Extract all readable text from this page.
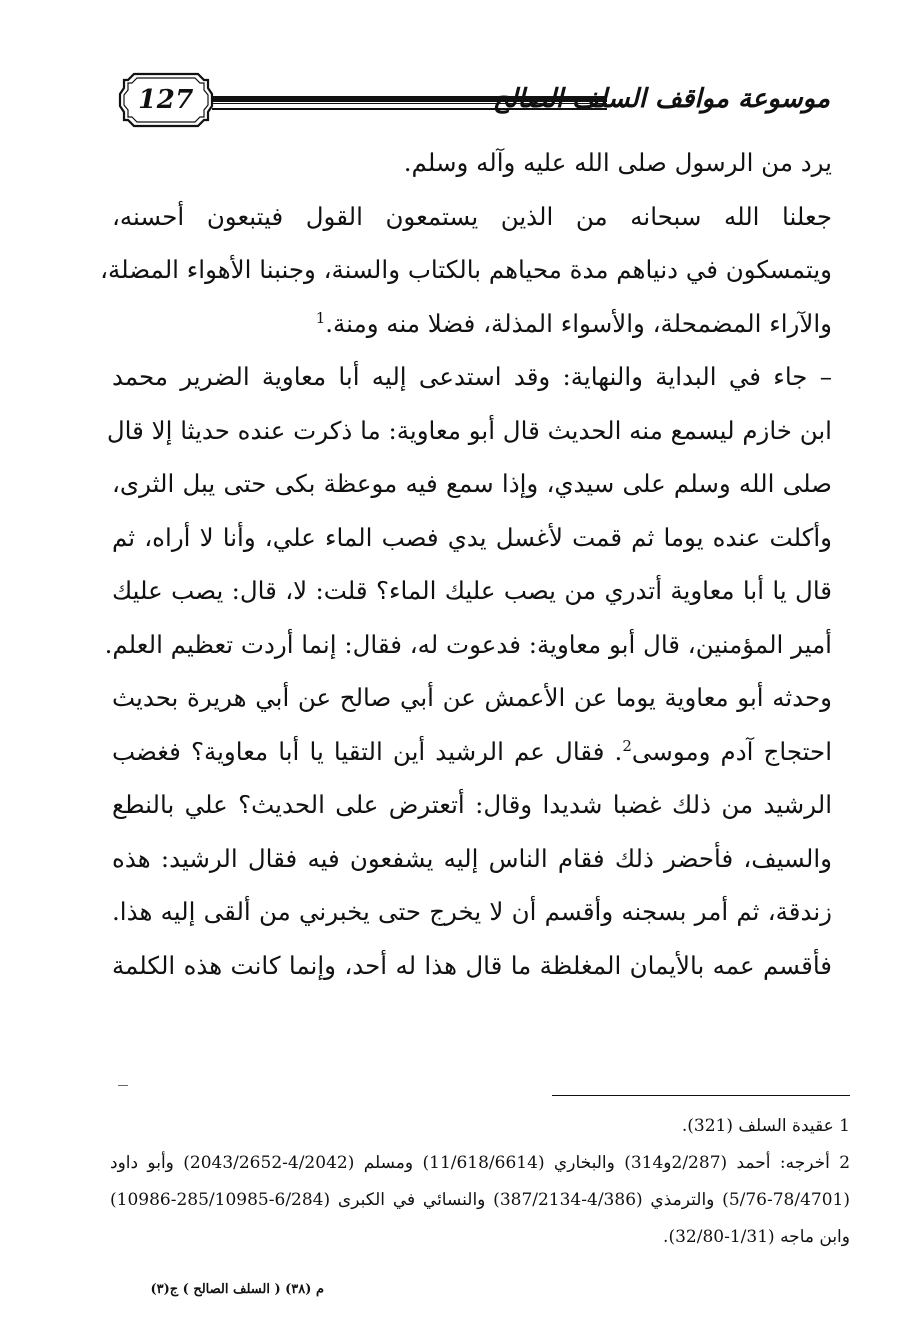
127	موسوعة مواقف السلف الصالح
يرد من الرسول صلى الله عليه وآله وسلم.
جعلنا الله سبحانه من الذين يستمعون القول فيتبعون أحسنه،
ويتمسكون في دنياهم مدة محياهم بالكتاب والسنة، وجنبنا الأهواء المضلة،
والآراء المضمحلة، والأسواء المذلة، فضلا منه ومنة.$^1$
– جاء في البداية والنهاية: وقد استدعى إليه أبا معاوية الضرير محمد
ابن خازم ليسمع منه الحديث قال أبو معاوية: ما ذكرت عنده حديثا إلا قال
صلى الله وسلم على سيدي، وإذا سمع فيه موعظة بكى حتى يبل الثرى،
وأكلت عنده يوما ثم قمت لأغسل يدي فصب الماء علي، وأنا لا أراه، ثم
قال يا أبا معاوية أتدري من يصب عليك الماء؟ قلت: لا، قال: يصب عليك
أمير المؤمنين، قال أبو معاوية: فدعوت له، فقال: إنما أردت تعظيم العلم.
وحدثه أبو معاوية يوما عن الأعمش عن أبي صالح عن أبي هريرة بحديث
احتجاج آدم وموسى$^2$. فقال عم الرشيد أين التقيا يا أبا معاوية؟ فغضب
الرشيد من ذلك غضبا شديدا وقال: أتعترض على الحديث؟ علي بالنطع
والسيف، فأحضر ذلك فقام الناس إليه يشفعون فيه فقال الرشيد: هذه
زندقة، ثم أمر بسجنه وأقسم أن لا يخرج حتى يخبرني من ألقى إليه هذا.
فأقسم عمه بالأيمان المغلظة ما قال هذا له أحد، وإنما كانت هذه الكلمة
1 عقيدة السلف (321).
2 أخرجه: أحمد (2/287و314) والبخاري (11/618/6614) ومسلم (4/2042-2043/2652) وأبو داود
(5/76-78/4701) والترمذي (4/386-387/2134) والنسائي في الكبرى (6/284-285/10985-10986)
وابن ماجه (1/31-32/80).
م (٣٨) ( السلف الصالح ) ج(٣)
